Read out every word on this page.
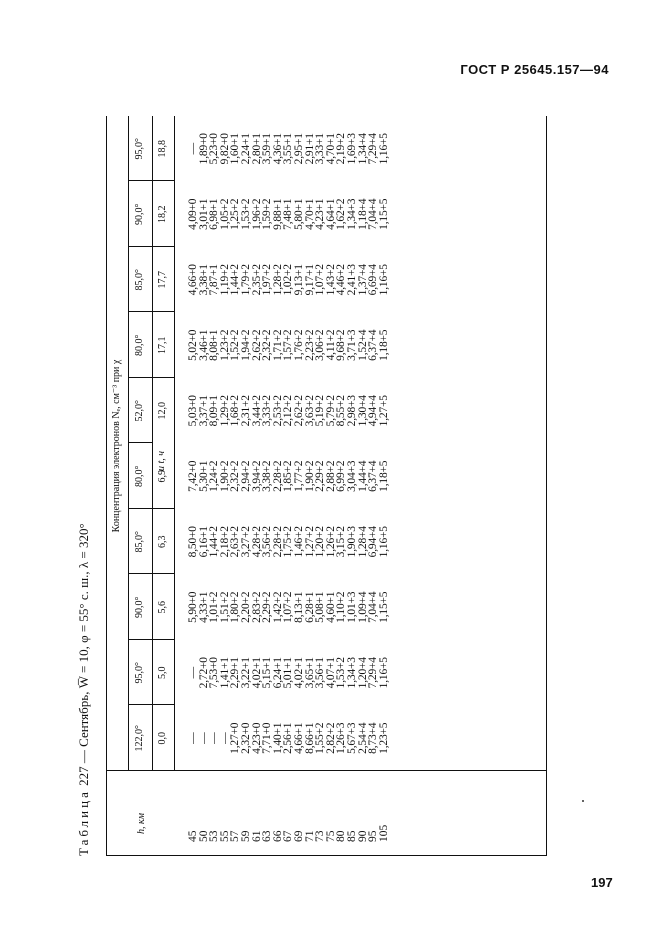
ГОСТ Р 25645.157—94
Таблица 227 — Сентябрь, W̅ = 10, φ = 55° с. ш., λ = 320°
h, км
Концентрация электронов Nₑ, см⁻³ при χ	и t, ч
122,0°
95,0°
90,0°
85,0°
80,0°
52,0°
80,0°
85,0°
90,0°
95,0°
0,0
5,0
5,6
6,3
6,9
12,0
17,1
17,7
18,2
18,8
45
50
53
55
57
59
61
63
66
67
69
71
73
75
80
85
90
95
105
—
—
—
—
1,27+0
2,32+0
4,23+0
7,71+0
1,40+1
2,56+1
4,66+1
8,66+1
1,55+2
2,82+2
1,26+3
5,67+3
2,54+4
8,73+4
1,23+5
—
2,72+0
7,53+0
1,41+1
2,29+1
3,22+1
4,02+1
5,15+1
6,24+1
5,01+1
4,02+1
3,65+1
3,56+1
4,07+1
1,53+2
1,34+3
1,20+4
7,29+4
1,16+5
5,90+0
4,33+1
1,01+2
1,51+2
1,80+2
2,20+2
2,83+2
2,29+2
1,42+2
1,07+2
8,13+1
6,28+1
5,08+1
4,60+1
1,10+2
1,01+3
1,09+4
7,04+4
1,15+5
8,50+0
6,16+1
1,44+2
2,18+2
2,63+2
3,27+2
4,28+2
3,56+2
2,28+2
1,75+2
1,46+2
1,27+2
1,20+2
1,26+2
3,15+2
1,90+3
1,28+4
6,94+4
1,16+5
7,42+0
5,30+1
1,24+2
1,90+2
2,32+2
2,94+2
3,94+2
3,38+2
2,28+2
1,85+2
1,77+2
1,90+2
2,29+2
2,88+2
6,99+2
3,04+3
1,44+4
6,37+4
1,18+5
5,03+0
3,37+1
8,09+1
1,29+2
1,68+2
2,31+2
3,44+2
3,33+2
2,53+2
2,12+2
2,62+2
3,63+2
5,19+2
5,79+2
8,55+2
2,98+3
1,30+4
4,94+4
1,27+5
5,02+0
3,46+1
8,08+1
1,23+2
1,52+2
1,94+2
2,62+2
2,32+2
1,71+2
1,57+2
1,76+2
2,23+2
3,06+2
4,11+2
9,68+2
3,71+3
1,52+4
6,37+4
1,18+5
4,66+0
3,38+1
7,87+1
1,19+2
1,44+2
1,79+2
2,35+2
1,97+2
1,28+2
1,02+2
9,13+1
9,17+1
1,07+2
1,43+2
4,46+2
2,41+3
1,37+4
6,69+4
1,16+5
4,09+0
3,01+1
6,98+1
1,05+2
1,25+2
1,53+2
1,96+2
1,59+2
9,88+1
7,48+1
5,80+1
4,70+1
4,23+1
4,64+1
1,62+2
1,34+3
1,18+4
7,04+4
1,15+5
—
1,89+0
5,23+0
9,82+0
1,60+1
2,24+1
2,80+1
3,59+1
4,36+1
3,55+1
2,95+1
2,91+1
3,33+1
4,70+1
2,19+2
1,69+3
1,34+4
7,29+4
1,16+5
197
